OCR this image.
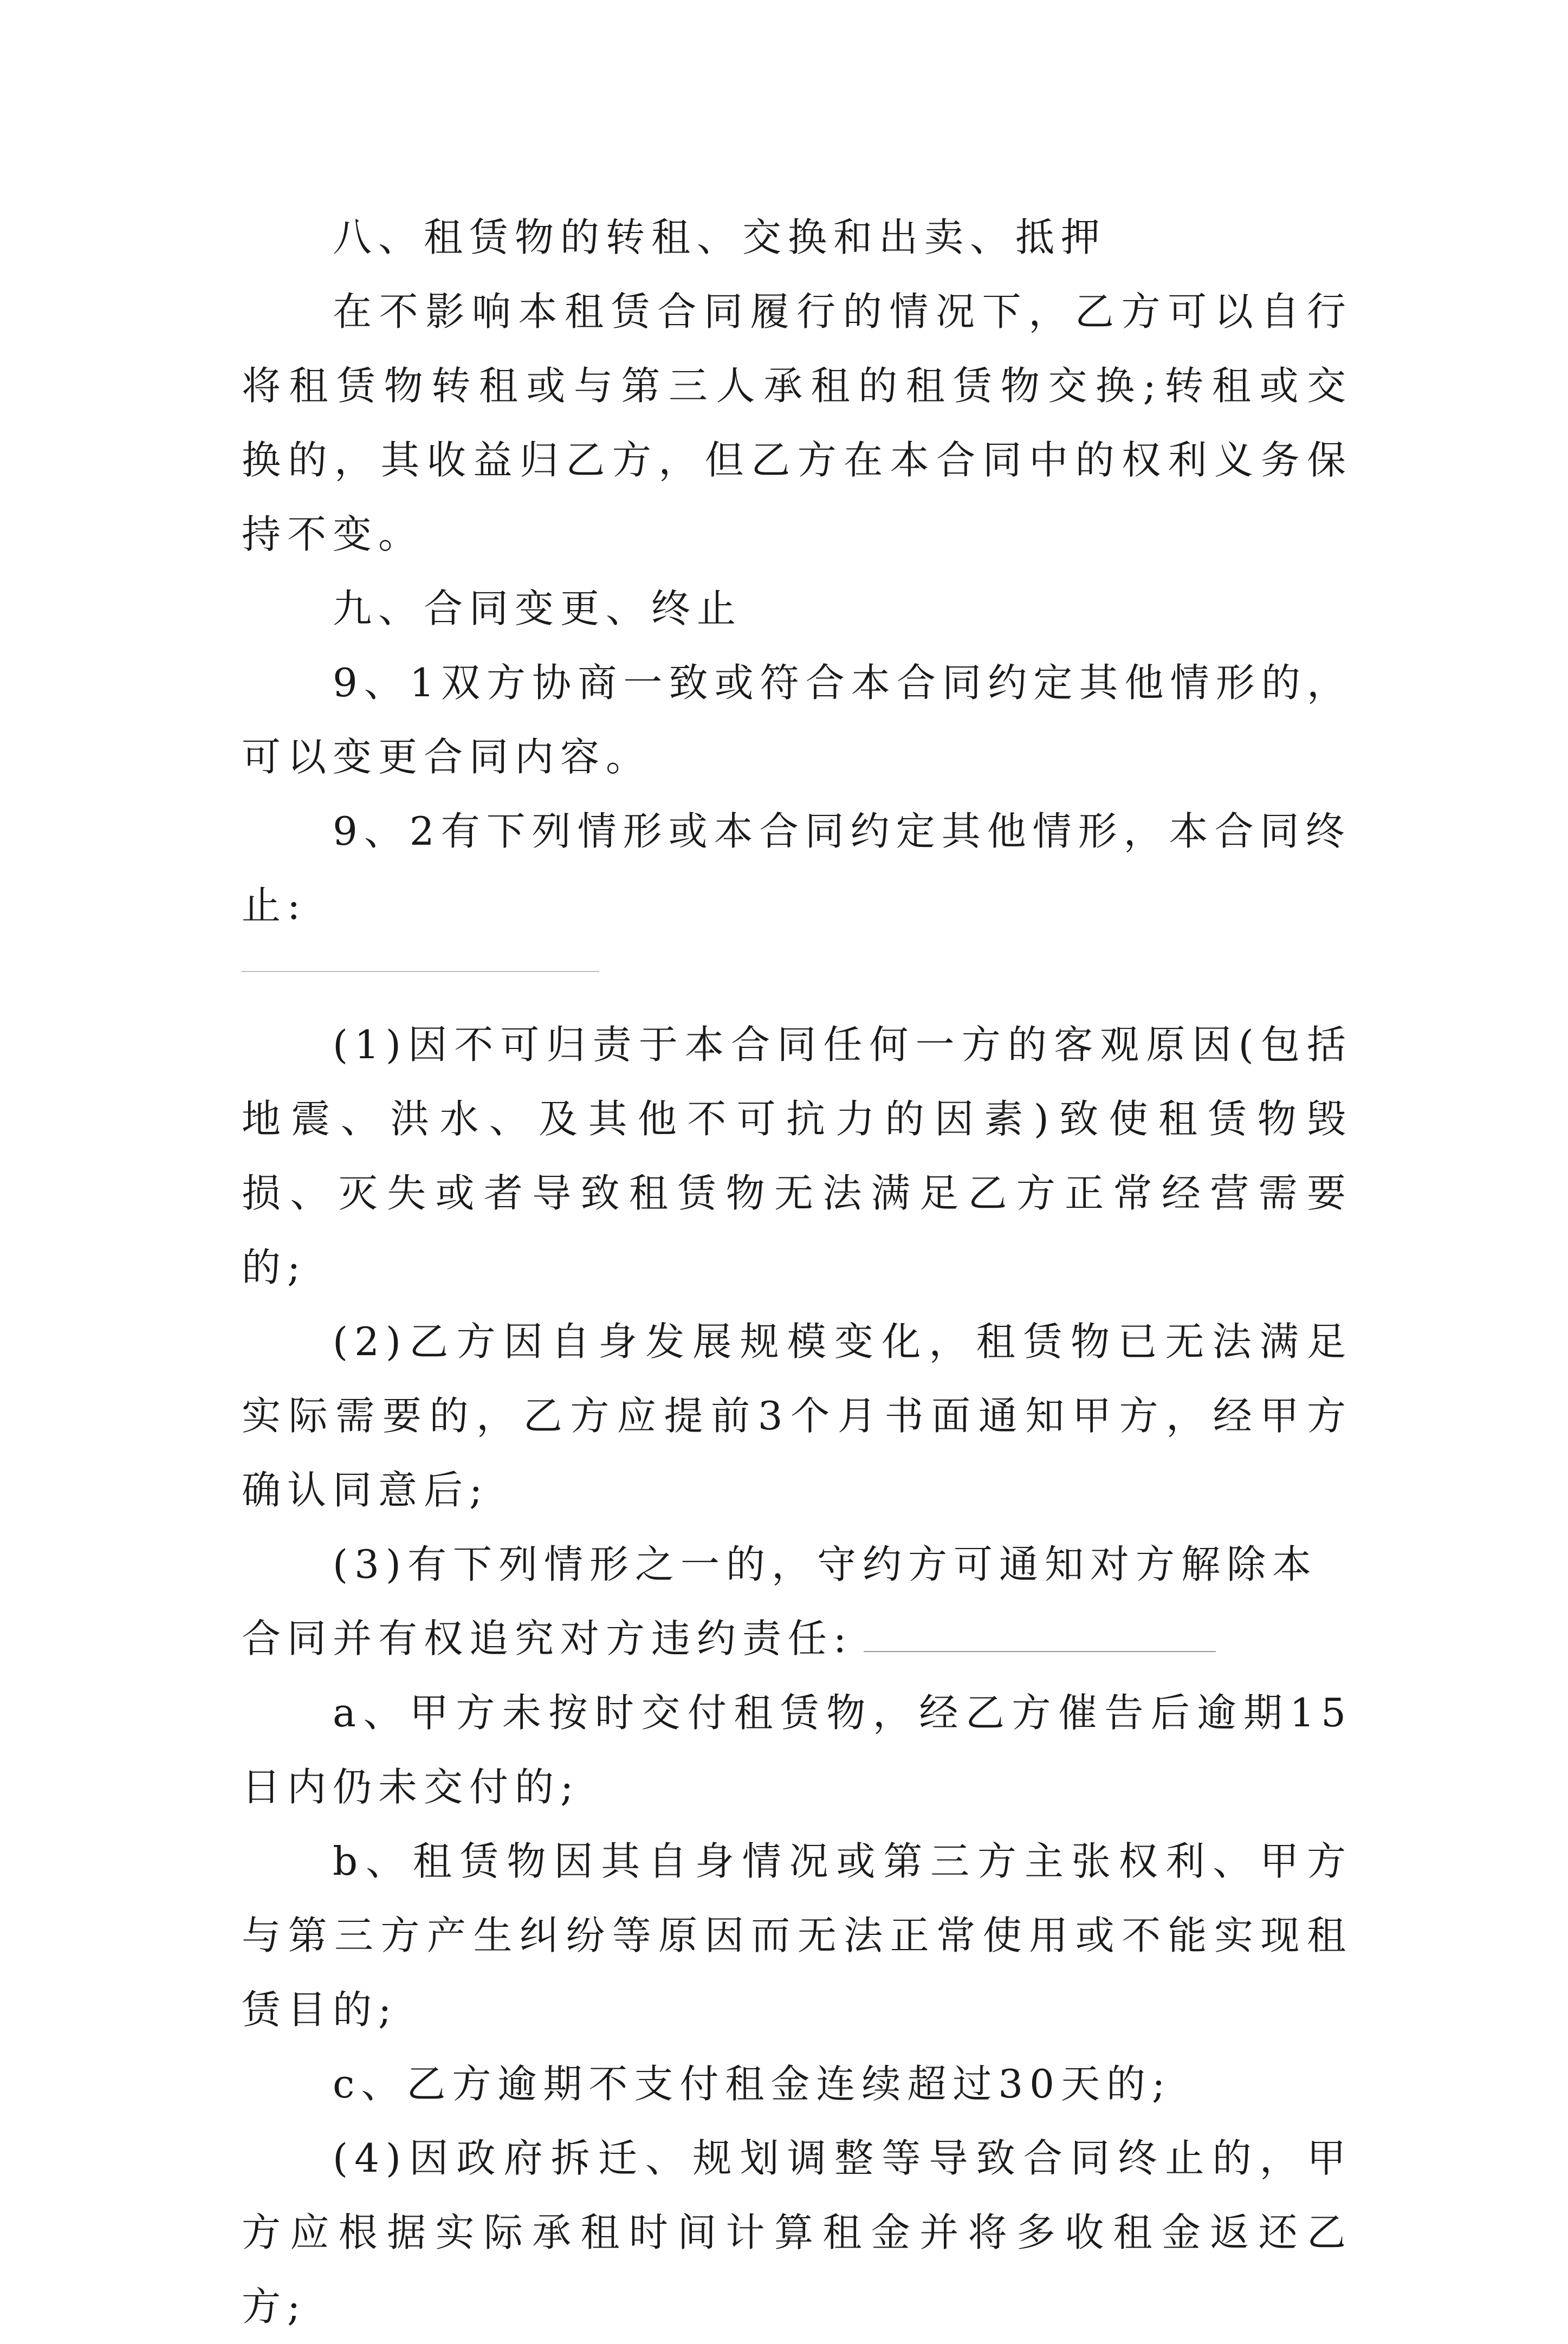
八、租赁物的转租、交换和出卖、抵押

在不影响本租赁合同履行的情况下，乙方可以自行将租赁物转租或与第三人承租的租赁物交换;转租或交换的，其收益归乙方，但乙方在本合同中的权利义务保持不变。

九、合同变更、终止

9、1双方协商一致或符合本合同约定其他情形的，可以变更合同内容。

9、2有下列情形或本合同约定其他情形，本合同终止:

(1)因不可归责于本合同任何一方的客观原因(包括地震、洪水、及其他不可抗力的因素)致使租赁物毁损、灭失或者导致租赁物无法满足乙方正常经营需要的;

(2)乙方因自身发展规模变化，租赁物已无法满足实际需要的，乙方应提前3个月书面通知甲方，经甲方确认同意后;

(3)有下列情形之一的，守约方可通知对方解除本合同并有权追究对方违约责任:

a、甲方未按时交付租赁物，经乙方催告后逾期15日内仍未交付的;

b、租赁物因其自身情况或第三方主张权利、甲方与第三方产生纠纷等原因而无法正常使用或不能实现租赁目的;

c、乙方逾期不支付租金连续超过30天的;

(4)因政府拆迁、规划调整等导致合同终止的，甲方应根据实际承租时间计算租金并将多收租金返还乙方;
